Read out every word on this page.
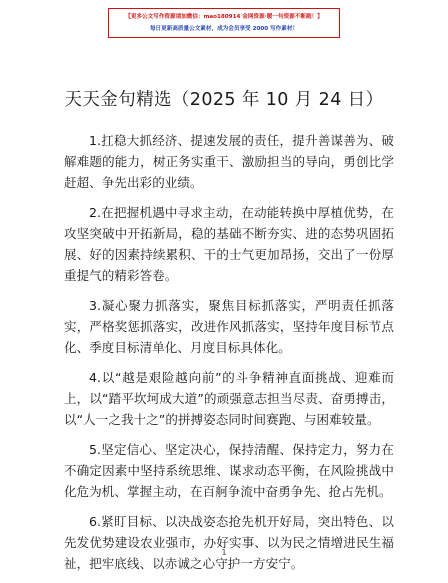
【更多公文写作资源请加微信：mao180914 金网资源·暖一句资源不断跑！】
每日更新高质量公文素材，成为会员享受 2000 写作素材！
天天金句精选（2025 年 10 月 24 日）

1.扛稳大抓经济、提速发展的责任，提升善谋善为、破解难题的能力，树正务实重干、激励担当的导向，勇创比学赶超、争先出彩的业绩。

2.在把握机遇中寻求主动，在动能转换中厚植优势，在攻坚突破中开拓新局，稳的基础不断夯实、进的态势巩固拓展、好的因素持续累积、干的士气更加昂扬，交出了一份厚重提气的精彩答卷。

3.凝心聚力抓落实，聚焦目标抓落实，严明责任抓落实，严格奖惩抓落实，改进作风抓落实，坚持年度目标节点化、季度目标清单化、月度目标具体化。

4.以“越是艰险越向前”的斗争精神直面挑战、迎难而上，以“踏平坎坷成大道”的顽强意志担当尽责、奋勇搏击，以“人一之我十之”的拼搏姿态同时间赛跑、与困难较量。

5.坚定信心、坚定决心，保持清醒、保持定力，努力在不确定因素中坚持系统思维、谋求动态平衡，在风险挑战中化危为机、掌握主动，在百舸争流中奋勇争先、抢占先机。

6.紧盯目标、以决战姿态抢先机开好局，突出特色、以先发优势建设农业强市，办好实事、以为民之情增进民生福祉，把牢底线、以赤诚之心守护一方安宁。

1
